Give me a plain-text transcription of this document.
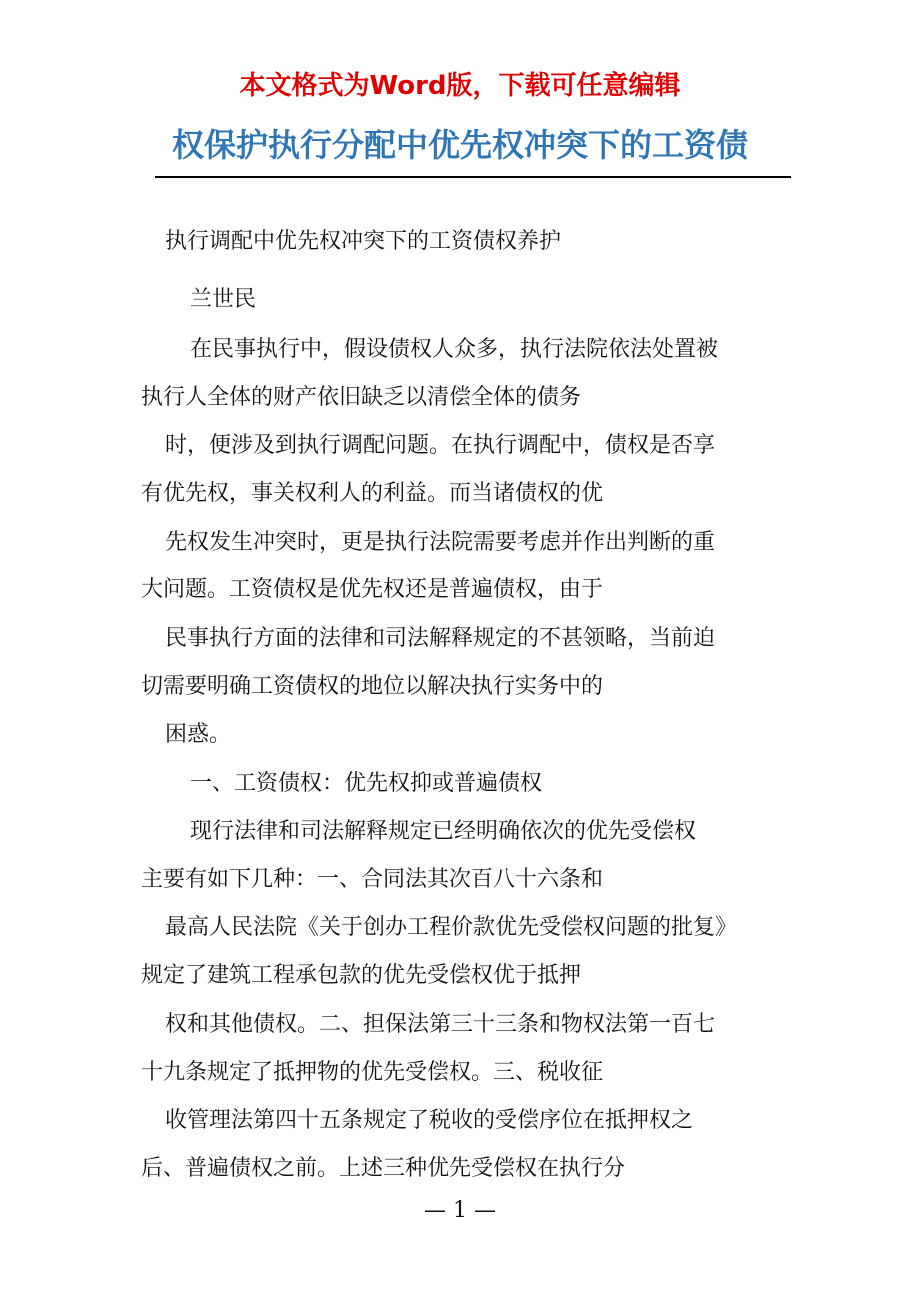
本文格式为Word版，下载可任意编辑
权保护执行分配中优先权冲突下的工资债
执行调配中优先权冲突下的工资债权养护
兰世民
在民事执行中，假设债权人众多，执行法院依法处置被
执行人全体的财产依旧缺乏以清偿全体的债务
时，便涉及到执行调配问题。在执行调配中，债权是否享
有优先权，事关权利人的利益。而当诸债权的优
先权发生冲突时，更是执行法院需要考虑并作出判断的重
大问题。工资债权是优先权还是普遍债权，由于
民事执行方面的法律和司法解释规定的不甚领略，当前迫
切需要明确工资债权的地位以解决执行实务中的
困惑。
一、工资债权：优先权抑或普遍债权
现行法律和司法解释规定已经明确依次的优先受偿权
主要有如下几种：一、合同法其次百八十六条和
最高人民法院《关于创办工程价款优先受偿权问题的批复》
规定了建筑工程承包款的优先受偿权优于抵押
权和其他债权。二、担保法第三十三条和物权法第一百七
十九条规定了抵押物的优先受偿权。三、税收征
收管理法第四十五条规定了税收的受偿序位在抵押权之
后、普遍债权之前。上述三种优先受偿权在执行分
— 1 —
